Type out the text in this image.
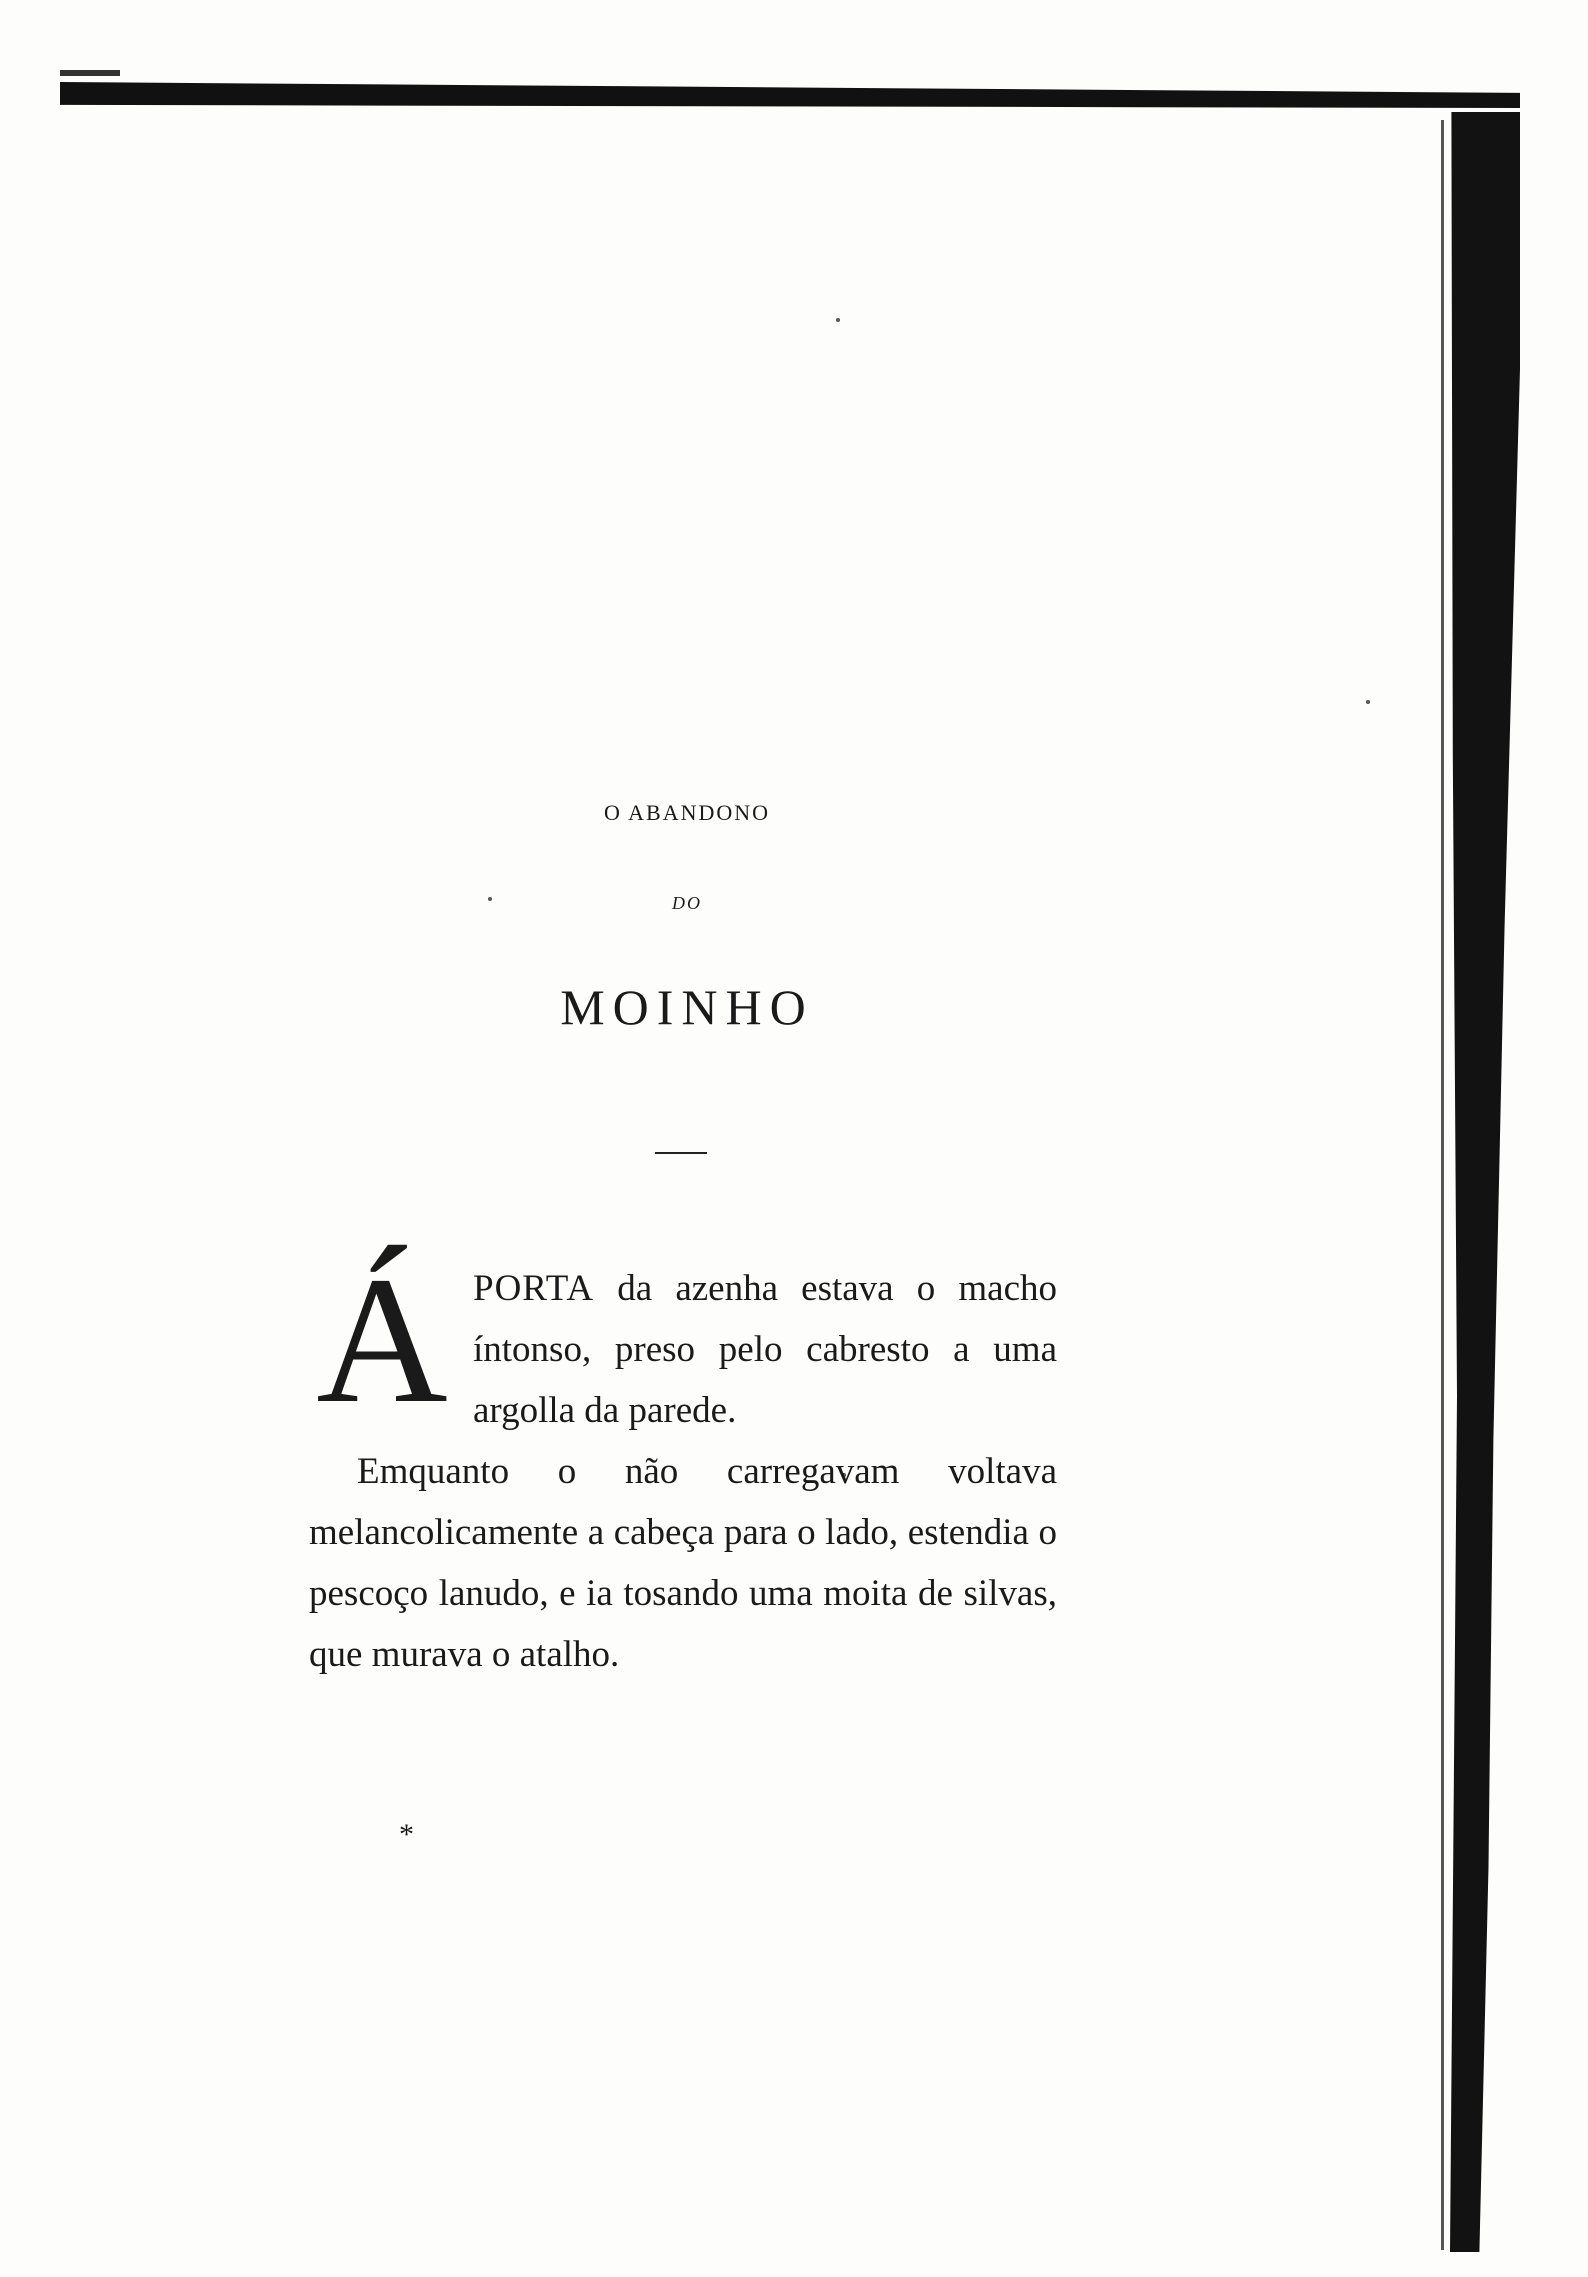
O ABANDONO
DO
MOINHO
Á PORTA da azenha estava o macho íntonso, preso pelo cabresto a uma argolla da parede.

Emquanto o não carregavam voltava melancolicamente a cabeça para o lado, estendia o pescoço lanudo, e ia tosando uma moita de silvas, que murava o atalho.

*
